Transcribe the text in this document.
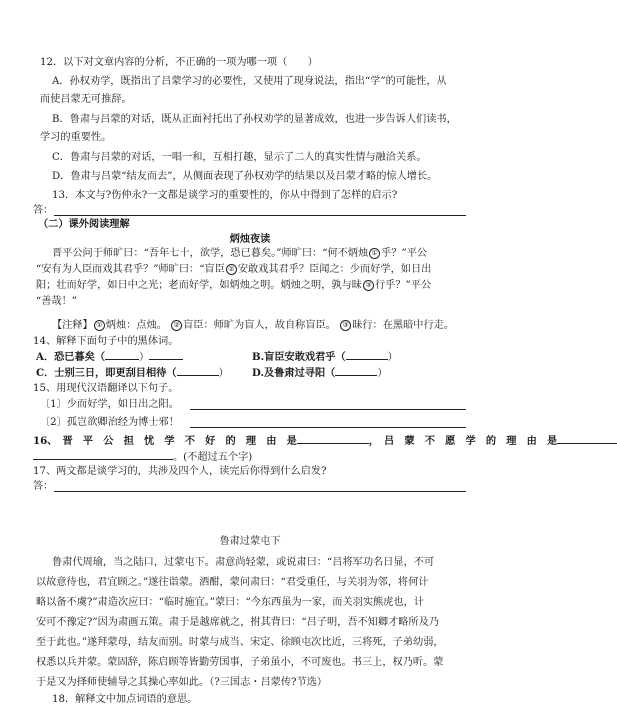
12．以下对文章内容的分析，不正确的一项为哪一项（　　）
A．孙权劝学，既指出了吕蒙学习的必要性，又使用了现身说法，指出“学”的可能性，从
而使吕蒙无可推辞。
B．鲁肃与吕蒙的对话，既从正面衬托出了孙权劝学的显著成效，也进一步告诉人们读书，
学习的重要性。
C．鲁肃与吕蒙的对话，一唱一和，互相打趣，显示了二人的真实性情与融洽关系。
D．鲁肃与吕蒙“结友而去”，从侧面表现了孙权劝学的结果以及吕蒙才略的惊人增长。
13．本文与?伤仲永?一文都是谈学习的重要性的，你从中得到了怎样的启示?
答：
（二）课外阅读理解
炳烛夜读
晋平公问于师旷曰：“吾年七十，欲学，恐已暮矣。”师旷曰：“何不炳烛 ① 乎？”平公
“安有为人臣而戏其君乎？”师旷曰：“盲臣 ② 安敢戏其君乎？臣闻之：少而好学，如日出
阳；壮而好学，如日中之光；老而好学，如炳烛之明。炳烛之明，孰与昧 ③ 行乎？”平公
“善哉！”
【注释】 ① 炳烛：点烛。 ② 盲臣：师旷为盲人，故自称盲臣。 ③ 昧行：在黑暗中行走。
14、解释下面句子中的黑体词。
A．恐已暮矣（	）	B.盲臣安敢戏君乎（	）
C．士别三日，即更刮目相待（	） D.及鲁肃过寻阳（	）
15、用现代汉语翻译以下句子。
〔1〕少而好学，如日出之阳。
〔2〕孤岂欲卿治经为博士邪！
16、　晋　平　公　担　忧　学　不　好　的　理　由　是	，　吕　蒙　不　愿　学　的　理　由　是
。(不超过五个字)
17、两文都是谈学习的，共涉及四个人，读完后你得到什么启发?
答：
鲁肃过蒙屯下
鲁肃代周瑜，当之陆口，过蒙屯下。肃意尚轻蒙，或说肃曰：“吕将军功名日显，不可
以故意待也，君宜顾之。”遂往诣蒙。酒酣，蒙问肃曰：“君受重任，与关羽为邻，将何计
略以备不虞?”肃造次应曰：“临时施宜。”蒙曰：“今东西虽为一家，而关羽实熊虎也，计
安可不豫定?”因为肃画五策。肃于是越席就之，拊其背曰：“吕子明，吾不知卿才略所及乃
至于此也。”遂拜蒙母，结友而别。时蒙与成当、宋定、徐顾屯次比近，三将死，子弟幼弱，
权悉以兵并蒙。蒙固辞，陈启顾等皆勤劳国事，子弟虽小，不可废也。书三上，权乃听。蒙
于是又为择师使辅导之其操心率如此。（?三国志・吕蒙传?节选）
18．解释文中加点词语的意思。
